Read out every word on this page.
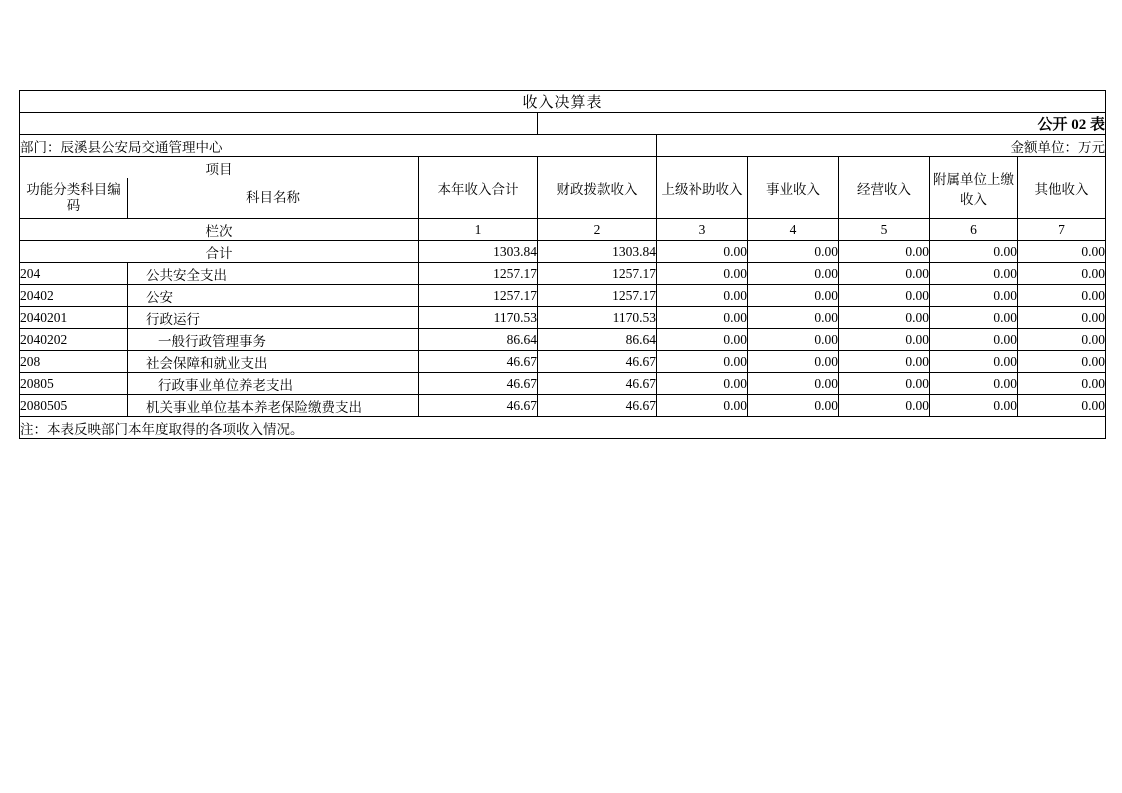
收入决算表								
			公开 02 表					
部门：辰溪县公安局交通管理中心				金额单位：万元				
项目		本年收入合计	财政拨款收入	上级补助收入	事业收入	经营收入	附属单位上缴收入	其他收入
功能分类科目编码	科目名称							
栏次		1	2	3	4	5	6	7
合计		1303.84	1303.84	0.00	0.00	0.00	0.00	0.00
204	公共安全支出	1257.17	1257.17	0.00	0.00	0.00	0.00	0.00
20402	公安	1257.17	1257.17	0.00	0.00	0.00	0.00	0.00
2040201	行政运行	1170.53	1170.53	0.00	0.00	0.00	0.00	0.00
2040202	一般行政管理事务	86.64	86.64	0.00	0.00	0.00	0.00	0.00
208	社会保障和就业支出	46.67	46.67	0.00	0.00	0.00	0.00	0.00
20805	行政事业单位养老支出	46.67	46.67	0.00	0.00	0.00	0.00	0.00
2080505	机关事业单位基本养老保险缴费支出	46.67	46.67	0.00	0.00	0.00	0.00	0.00
注：本表反映部门本年度取得的各项收入情况。								
